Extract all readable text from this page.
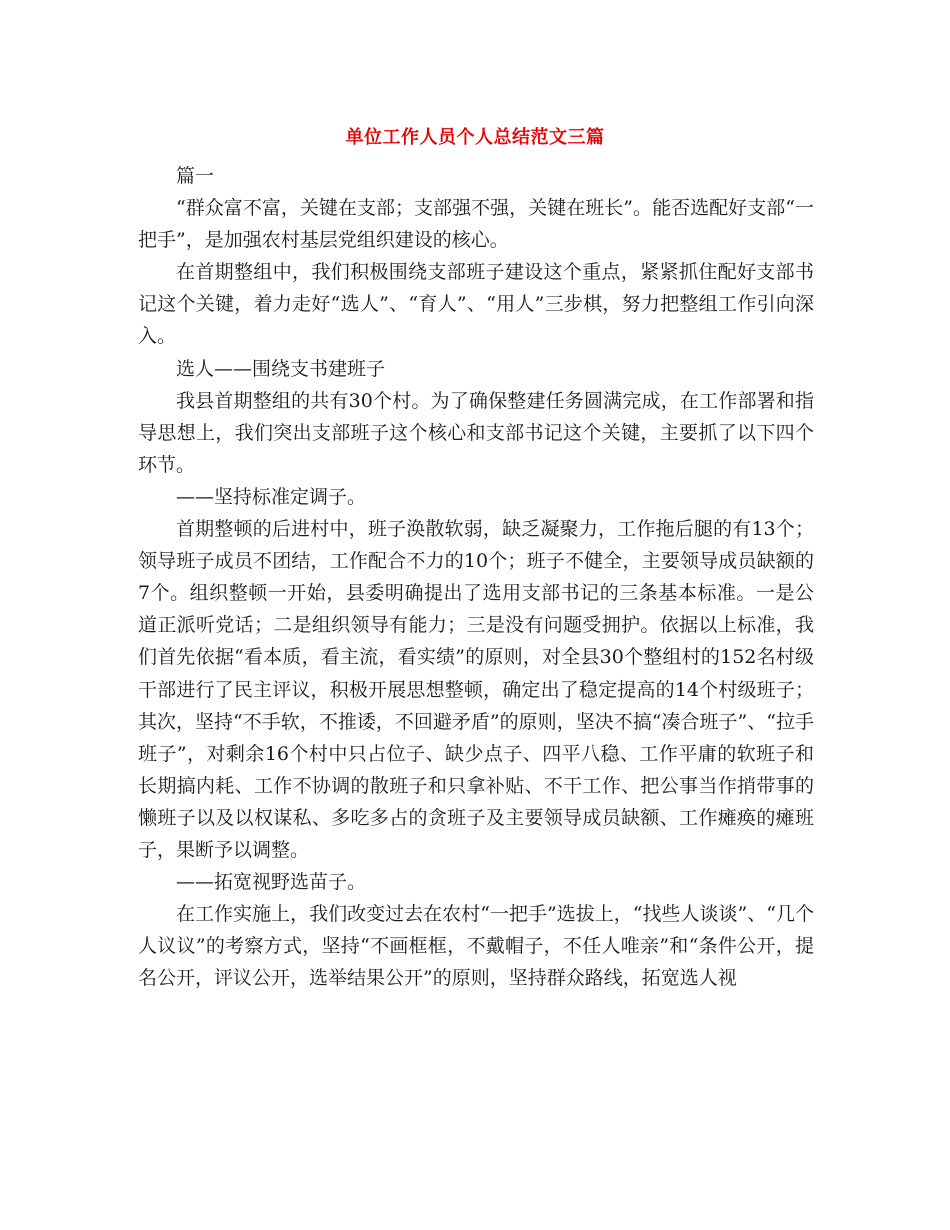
单位工作人员个人总结范文三篇

篇一

“群众富不富，关键在支部；支部强不强，关键在班长”。能否选配好支部“一把手”，是加强农村基层党组织建设的核心。

在首期整组中，我们积极围绕支部班子建设这个重点，紧紧抓住配好支部书记这个关键，着力走好“选人”、“育人”、“用人”三步棋，努力把整组工作引向深入。

选人——围绕支书建班子

我县首期整组的共有30个村。为了确保整建任务圆满完成，在工作部署和指导思想上，我们突出支部班子这个核心和支部书记这个关键，主要抓了以下四个环节。

——坚持标准定调子。

首期整顿的后进村中，班子涣散软弱，缺乏凝聚力，工作拖后腿的有13个；领导班子成员不团结，工作配合不力的10个；班子不健全，主要领导成员缺额的7个。组织整顿一开始，县委明确提出了选用支部书记的三条基本标准。一是公道正派听党话；二是组织领导有能力；三是没有问题受拥护。依据以上标准，我们首先依据“看本质，看主流，看实绩”的原则，对全县30个整组村的152名村级干部进行了民主评议，积极开展思想整顿，确定出了稳定提高的14个村级班子；其次，坚持“不手软，不推诿，不回避矛盾”的原则，坚决不搞“凑合班子”、“拉手班子”，对剩余16个村中只占位子、缺少点子、四平八稳、工作平庸的软班子和长期搞内耗、工作不协调的散班子和只拿补贴、不干工作、把公事当作捎带事的懒班子以及以权谋私、多吃多占的贪班子及主要领导成员缺额、工作瘫痪的瘫班子，果断予以调整。

——拓宽视野选苗子。

在工作实施上，我们改变过去在农村“一把手”选拔上，“找些人谈谈”、“几个人议议”的考察方式，坚持“不画框框，不戴帽子，不任人唯亲”和“条件公开，提名公开，评议公开，选举结果公开”的原则，坚持群众路线，拓宽选人视
